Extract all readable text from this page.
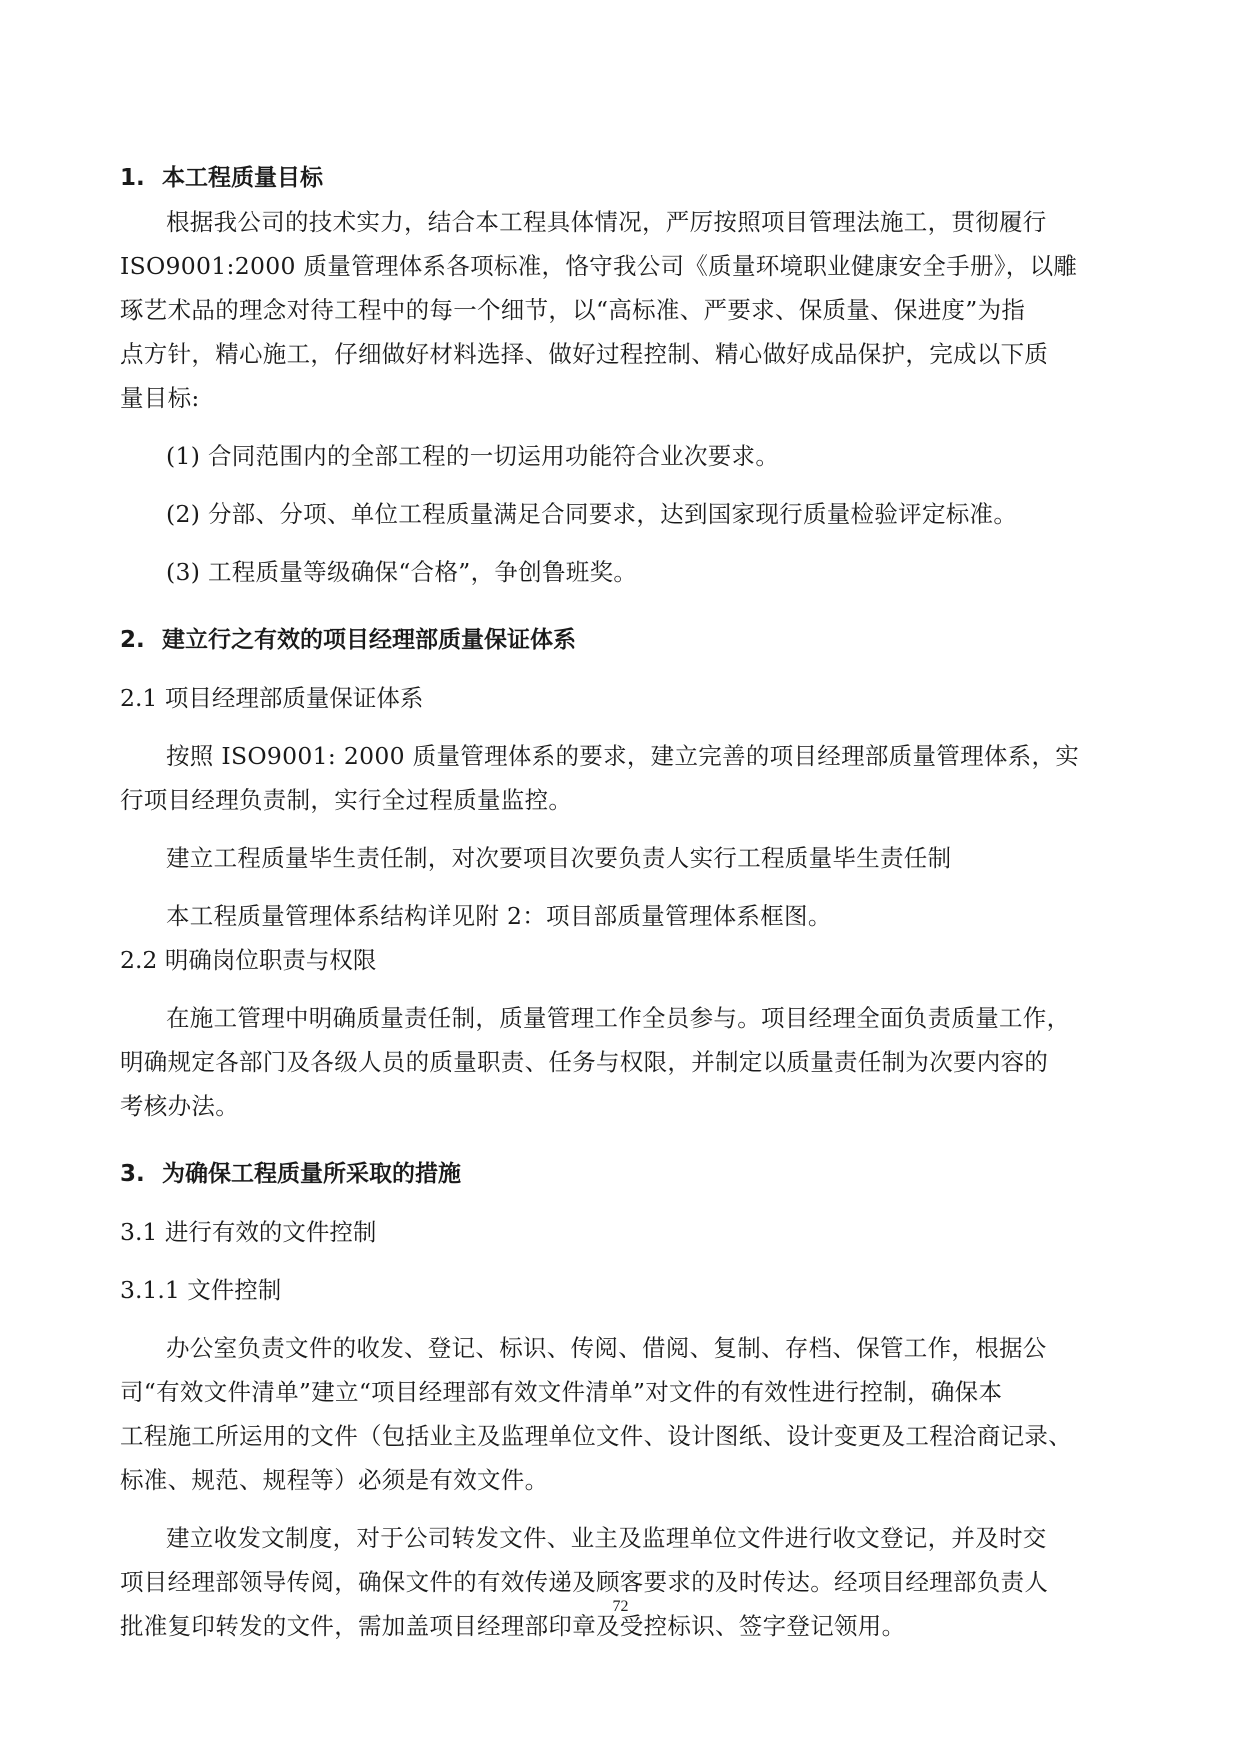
1. 本工程质量目标
根据我公司的技术实力，结合本工程具体情况，严厉按照项目管理法施工，贯彻履行
ISO9001:2000 质量管理体系各项标准，恪守我公司《质量环境职业健康安全手册》，以雕
琢艺术品的理念对待工程中的每一个细节，以“高标准、严要求、保质量、保进度”为指
点方针，精心施工，仔细做好材料选择、做好过程控制、精心做好成品保护，完成以下质
量目标:
(1) 合同范围内的全部工程的一切运用功能符合业次要求。
(2) 分部、分项、单位工程质量满足合同要求，达到国家现行质量检验评定标准。
(3) 工程质量等级确保“合格”，争创鲁班奖。
2. 建立行之有效的项目经理部质量保证体系
2.1 项目经理部质量保证体系
按照 ISO9001: 2000 质量管理体系的要求，建立完善的项目经理部质量管理体系，实
行项目经理负责制，实行全过程质量监控。
建立工程质量毕生责任制，对次要项目次要负责人实行工程质量毕生责任制
本工程质量管理体系结构详见附 2：项目部质量管理体系框图。
2.2 明确岗位职责与权限
在施工管理中明确质量责任制，质量管理工作全员参与。项目经理全面负责质量工作，
明确规定各部门及各级人员的质量职责、任务与权限，并制定以质量责任制为次要内容的
考核办法。
3. 为确保工程质量所采取的措施
3.1 进行有效的文件控制
3.1.1 文件控制
办公室负责文件的收发、登记、标识、传阅、借阅、复制、存档、保管工作，根据公
司“有效文件清单”建立“项目经理部有效文件清单”对文件的有效性进行控制，确保本
工程施工所运用的文件（包括业主及监理单位文件、设计图纸、设计变更及工程洽商记录、
标准、规范、规程等）必须是有效文件。
建立收发文制度，对于公司转发文件、业主及监理单位文件进行收文登记，并及时交
项目经理部领导传阅，确保文件的有效传递及顾客要求的及时传达。经项目经理部负责人
批准复印转发的文件，需加盖项目经理部印章及受控标识、签字登记领用。
72
